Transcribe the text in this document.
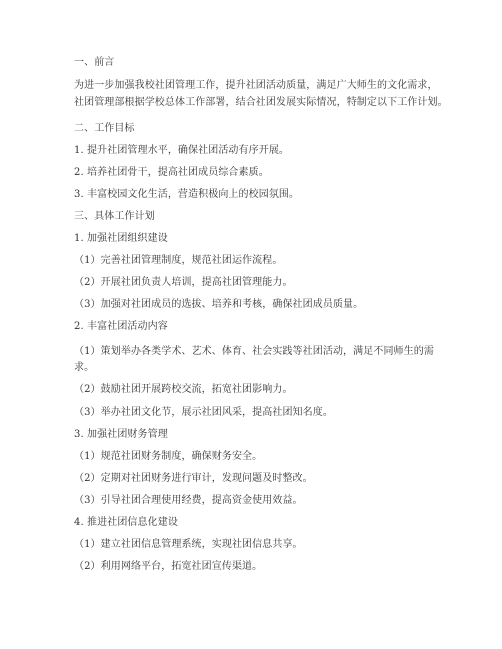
一、前言
为进一步加强我校社团管理工作，提升社团活动质量，满足广大师生的文化需求，
社团管理部根据学校总体工作部署，结合社团发展实际情况，特制定以下工作计划。
二、工作目标
1. 提升社团管理水平，确保社团活动有序开展。
2. 培养社团骨干，提高社团成员综合素质。
3. 丰富校园文化生活，营造积极向上的校园氛围。
三、具体工作计划
1. 加强社团组织建设
（1）完善社团管理制度，规范社团运作流程。
（2）开展社团负责人培训，提高社团管理能力。
（3）加强对社团成员的选拔、培养和考核，确保社团成员质量。
2. 丰富社团活动内容
（1）策划举办各类学术、艺术、体育、社会实践等社团活动，满足不同师生的需
求。
（2）鼓励社团开展跨校交流，拓宽社团影响力。
（3）举办社团文化节，展示社团风采，提高社团知名度。
3. 加强社团财务管理
（1）规范社团财务制度，确保财务安全。
（2）定期对社团财务进行审计，发现问题及时整改。
（3）引导社团合理使用经费，提高资金使用效益。
4. 推进社团信息化建设
（1）建立社团信息管理系统，实现社团信息共享。
（2）利用网络平台，拓宽社团宣传渠道。
